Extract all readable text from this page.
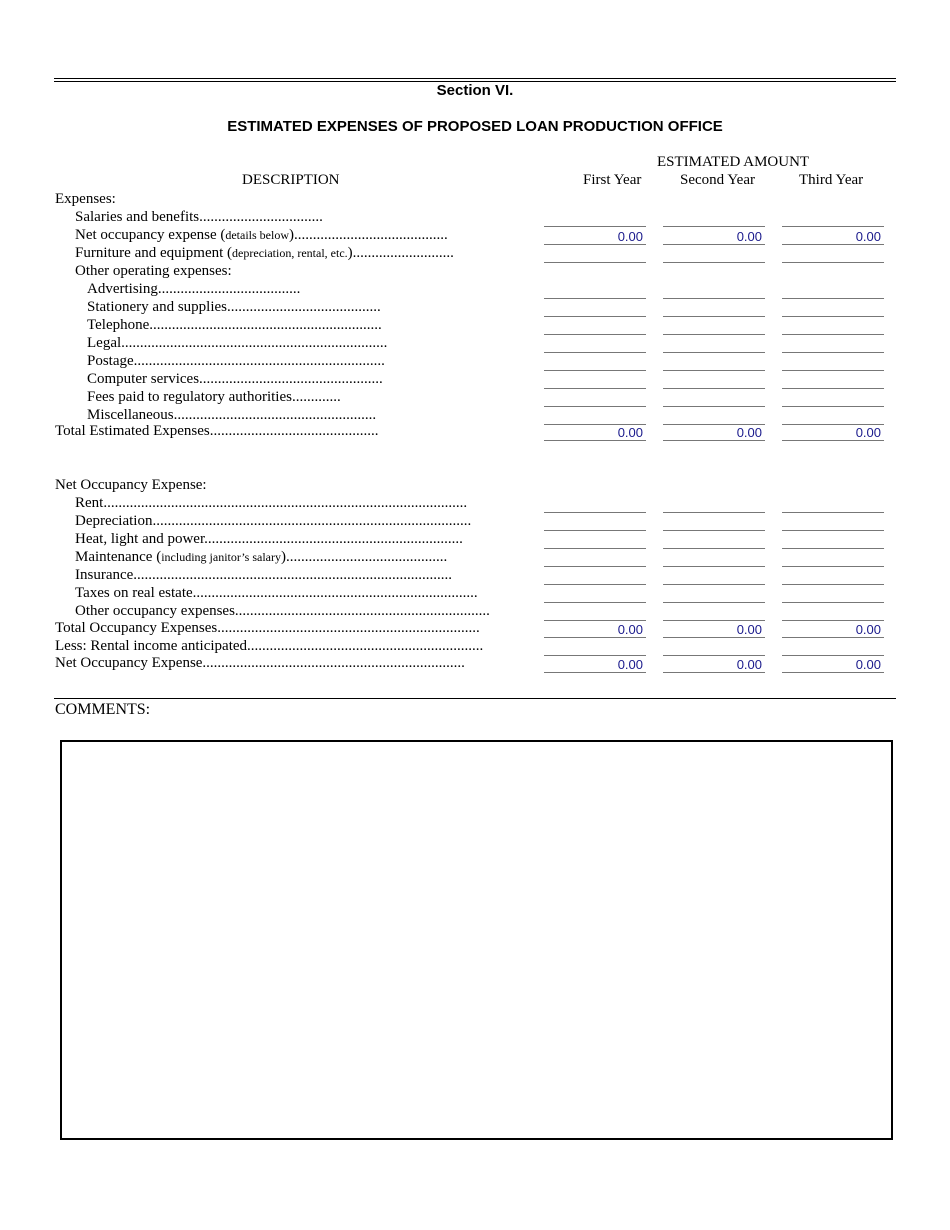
Section VI.
ESTIMATED EXPENSES OF PROPOSED LOAN PRODUCTION OFFICE
ESTIMATED AMOUNT
DESCRIPTION	First Year	Second Year	Third Year
Expenses:
Salaries and benefits.................................
Net occupancy expense (details below).........................................	0.00	0.00	0.00
Furniture and equipment (depreciation, rental, etc.)...........................
Other operating expenses:
Advertising......................................
Stationery and supplies.........................................
Telephone..............................................................
Legal.......................................................................
Postage...................................................................
Computer services.................................................
Fees paid to regulatory authorities.............
Miscellaneous......................................................
Total Estimated Expenses.............................................	0.00	0.00	0.00
Net Occupancy Expense:
Rent.................................................................................................
Depreciation.....................................................................................
Heat, light and power.....................................................................
Maintenance (including janitor’s salary)...........................................
Insurance.....................................................................................
Taxes on real estate............................................................................
Other occupancy expenses....................................................................
Total Occupancy Expenses......................................................................	0.00	0.00	0.00
Less: Rental income anticipated...............................................................
Net Occupancy Expense......................................................................	0.00	0.00	0.00
COMMENTS:
